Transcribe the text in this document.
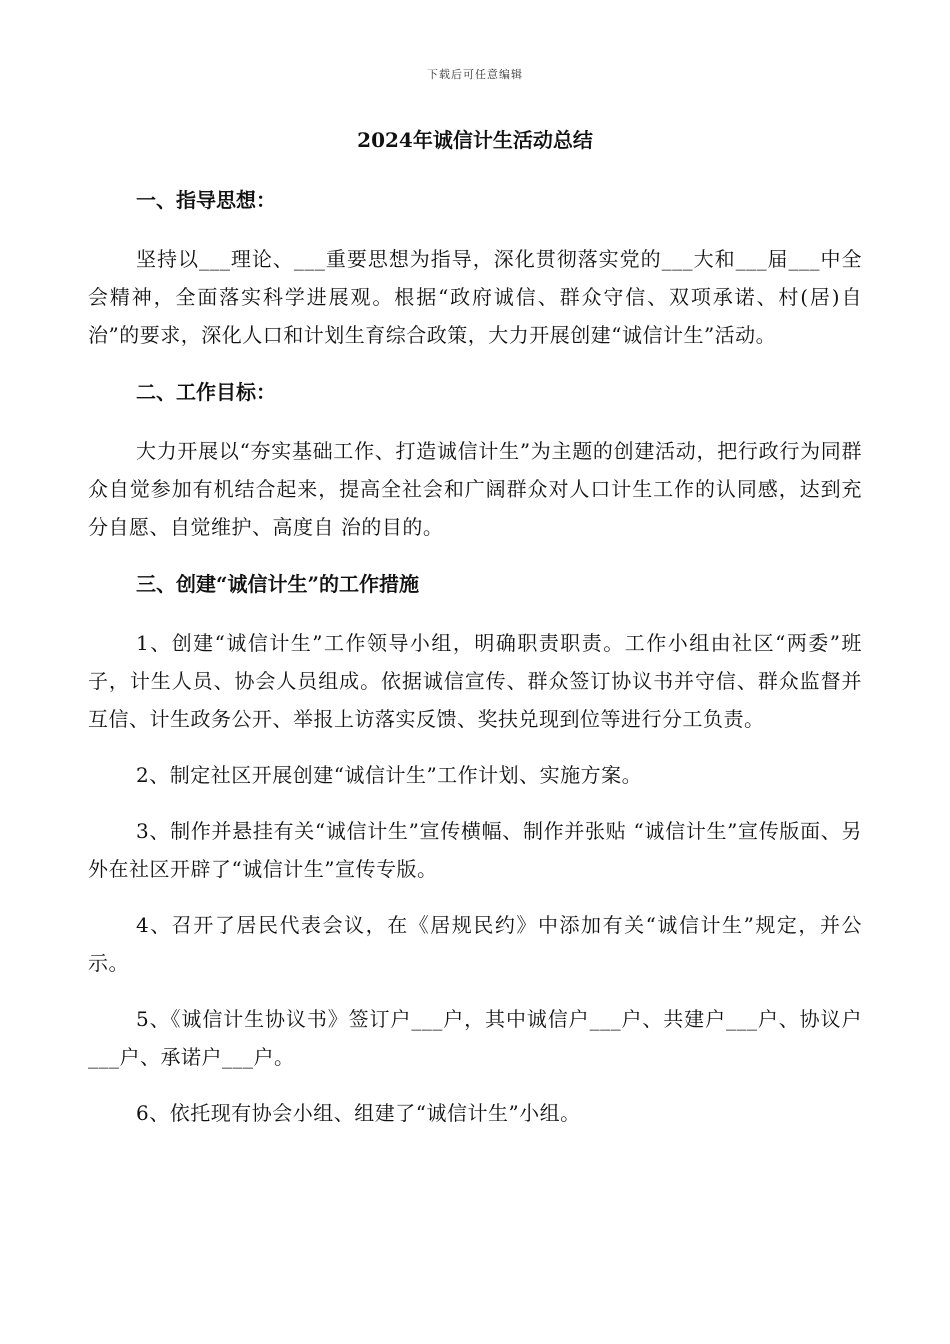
下载后可任意编辑
2024年诚信计生活动总结
一、指导思想：

坚持以___理论、___重要思想为指导，深化贯彻落实党的___大和___届___中全会精神，全面落实科学进展观。根据“政府诚信、群众守信、双项承诺、村(居)自治”的要求，深化人口和计划生育综合政策，大力开展创建“诚信计生”活动。

二、工作目标：

大力开展以“夯实基础工作、打造诚信计生”为主题的创建活动，把行政行为同群众自觉参加有机结合起来，提高全社会和广阔群众对人口计生工作的认同感，达到充分自愿、自觉维护、高度自 治的目的。

三、创建“诚信计生”的工作措施

1、创建“诚信计生”工作领导小组，明确职责职责。工作小组由社区“两委”班子，计生人员、协会人员组成。依据诚信宣传、群众签订协议书并守信、群众监督并互信、计生政务公开、举报上访落实反馈、奖扶兑现到位等进行分工负责。

2、制定社区开展创建“诚信计生”工作计划、实施方案。

3、制作并悬挂有关“诚信计生”宣传横幅、制作并张贴 “诚信计生”宣传版面、另外在社区开辟了“诚信计生”宣传专版。

4、召开了居民代表会议，在《居规民约》中添加有关“诚信计生”规定，并公示。

5、《诚信计生协议书》签订户___户，其中诚信户___户、共建户___户、协议户___户、承诺户___户。

6、依托现有协会小组、组建了“诚信计生”小组。
